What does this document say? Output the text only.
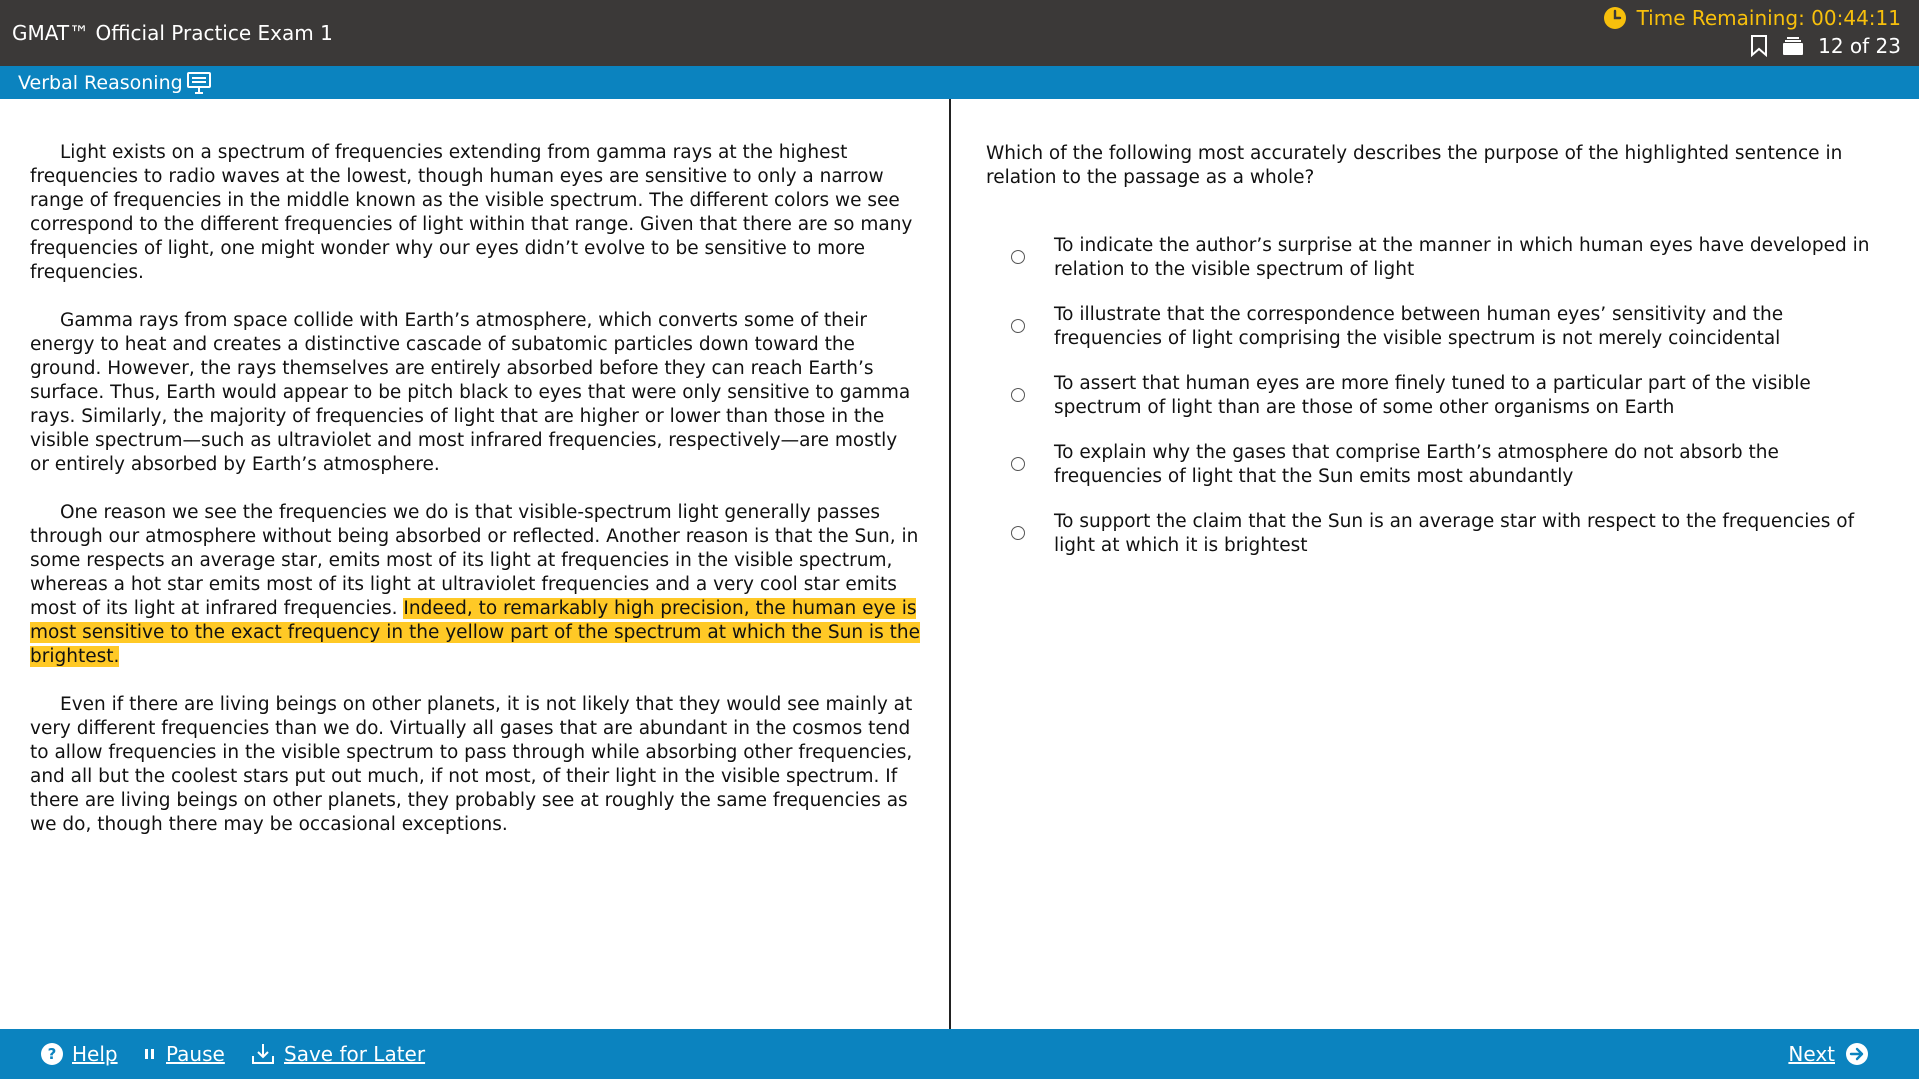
GMAT™ Official Practice Exam 1
Time Remaining: 00:44:11
12 of 23
Verbal Reasoning

Light exists on a spectrum of frequencies extending from gamma rays at the highest frequencies to radio waves at the lowest, though human eyes are sensitive to only a narrow range of frequencies in the middle known as the visible spectrum. The different colors we see correspond to the different frequencies of light within that range. Given that there are so many frequencies of light, one might wonder why our eyes didn’t evolve to be sensitive to more frequencies.

Gamma rays from space collide with Earth’s atmosphere, which converts some of their energy to heat and creates a distinctive cascade of subatomic particles down toward the ground. However, the rays themselves are entirely absorbed before they can reach Earth’s surface. Thus, Earth would appear to be pitch black to eyes that were only sensitive to gamma rays. Similarly, the majority of frequencies of light that are higher or lower than those in the visible spectrum—such as ultraviolet and most infrared frequencies, respectively—are mostly or entirely absorbed by Earth’s atmosphere.

One reason we see the frequencies we do is that visible-spectrum light generally passes through our atmosphere without being absorbed or reflected. Another reason is that the Sun, in some respects an average star, emits most of its light at frequencies in the visible spectrum, whereas a hot star emits most of its light at ultraviolet frequencies and a very cool star emits most of its light at infrared frequencies. Indeed, to remarkably high precision, the human eye is most sensitive to the exact frequency in the yellow part of the spectrum at which the Sun is the brightest.

Even if there are living beings on other planets, it is not likely that they would see mainly at very different frequencies than we do. Virtually all gases that are abundant in the cosmos tend to allow frequencies in the visible spectrum to pass through while absorbing other frequencies, and all but the coolest stars put out much, if not most, of their light in the visible spectrum. If there are living beings on other planets, they probably see at roughly the same frequencies as we do, though there may be occasional exceptions.

Which of the following most accurately describes the purpose of the highlighted sentence in relation to the passage as a whole?
To indicate the author’s surprise at the manner in which human eyes have developed in relation to the visible spectrum of light
To illustrate that the correspondence between human eyes’ sensitivity and the frequencies of light comprising the visible spectrum is not merely coincidental
To assert that human eyes are more finely tuned to a particular part of the visible spectrum of light than are those of some other organisms on Earth
To explain why the gases that comprise Earth’s atmosphere do not absorb the frequencies of light that the Sun emits most abundantly
To support the claim that the Sun is an average star with respect to the frequencies of light at which it is brightest
? Help Pause	Save for Later	Next
